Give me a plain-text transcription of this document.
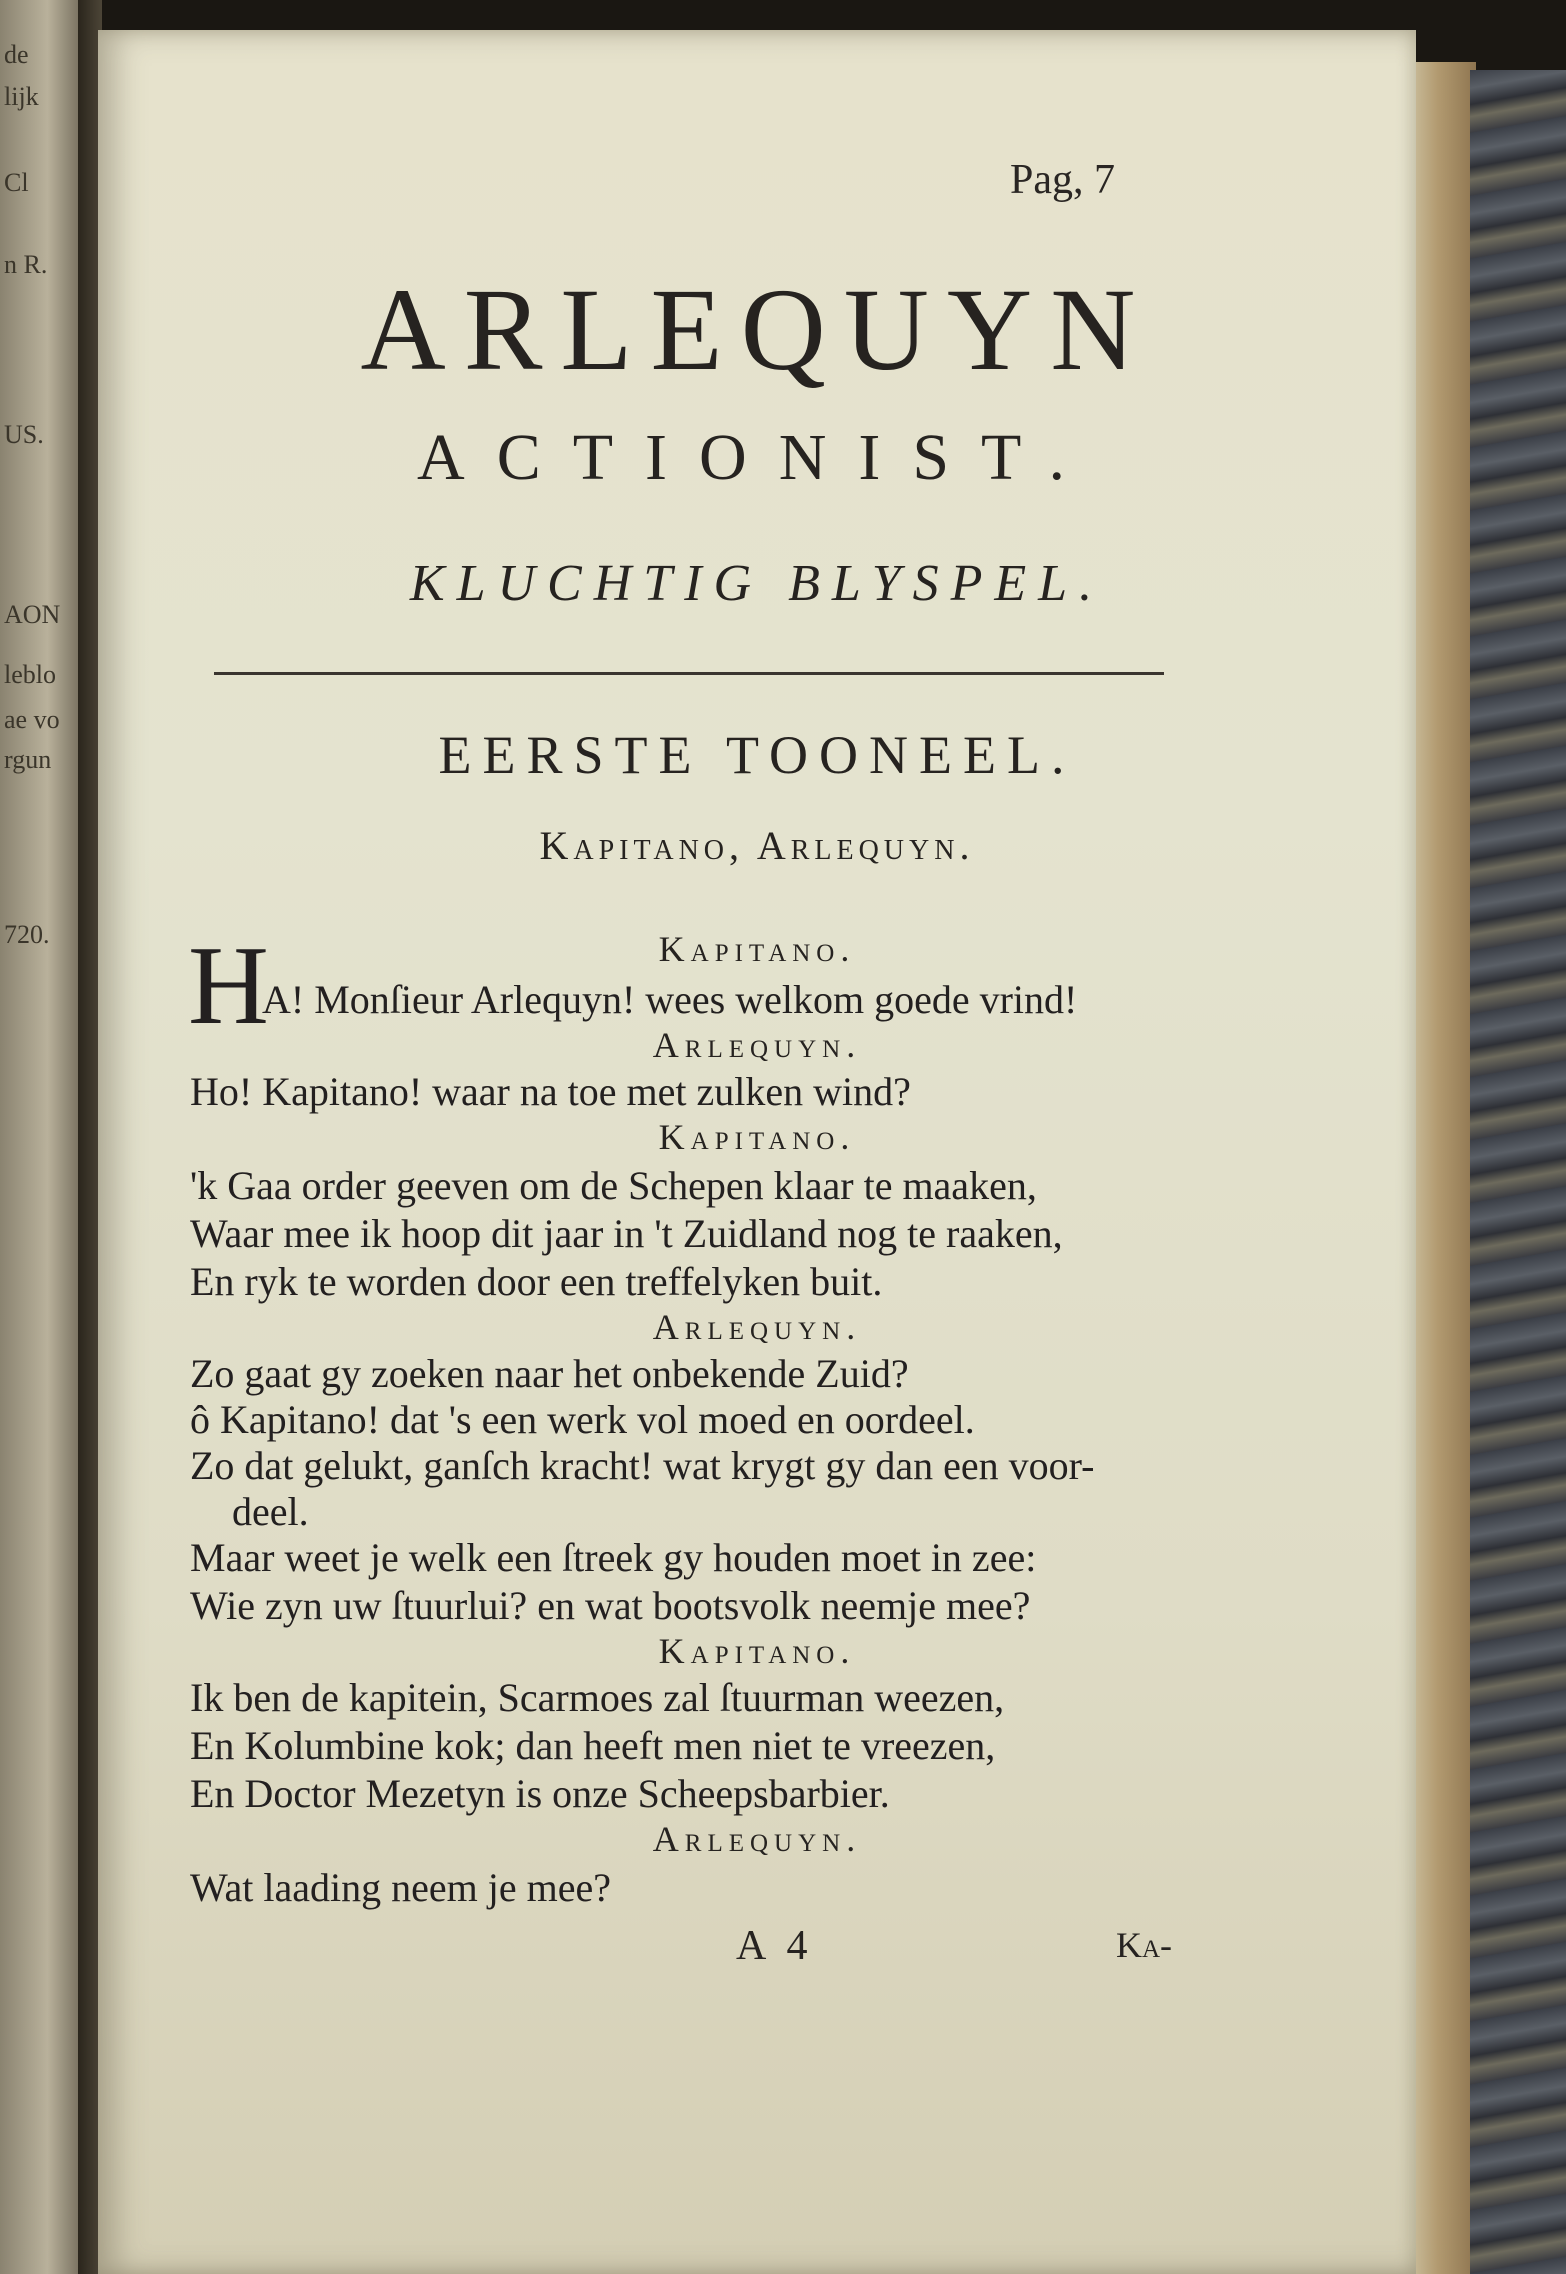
de
lijk
Cl
n R.
US.
AON
leblo
ae vo
rgun
720.
Pag, 7
ARLEQUYN
ACTIONIST.
KLUCHTIG BLYSPEL.
EERSTE TOONEEL.
Kapitano, Arlequyn.
Kapitano.
H
A! Monſieur Arlequyn! wees welkom goede vrind!
Arlequyn.
Ho! Kapitano! waar na toe met zulken wind?
Kapitano.
'k Gaa order geeven om de Schepen klaar te maaken,
Waar mee ik hoop dit jaar in 't Zuidland nog te raaken,
En ryk te worden door een treffelyken buit.
Arlequyn.
Zo gaat gy zoeken naar het onbekende Zuid?
ô Kapitano! dat 's een werk vol moed en oordeel.
Zo dat gelukt, ganſch kracht! wat krygt gy dan een voor-
deel.
Maar weet je welk een ſtreek gy houden moet in zee:
Wie zyn uw ſtuurlui? en wat bootsvolk neemje mee?
Kapitano.
Ik ben de kapitein, Scarmoes zal ſtuurman weezen,
En Kolumbine kok; dan heeft men niet te vreezen,
En Doctor Mezetyn is onze Scheepsbarbier.
Arlequyn.
Wat laading neem je mee?
A 4	Ka-
